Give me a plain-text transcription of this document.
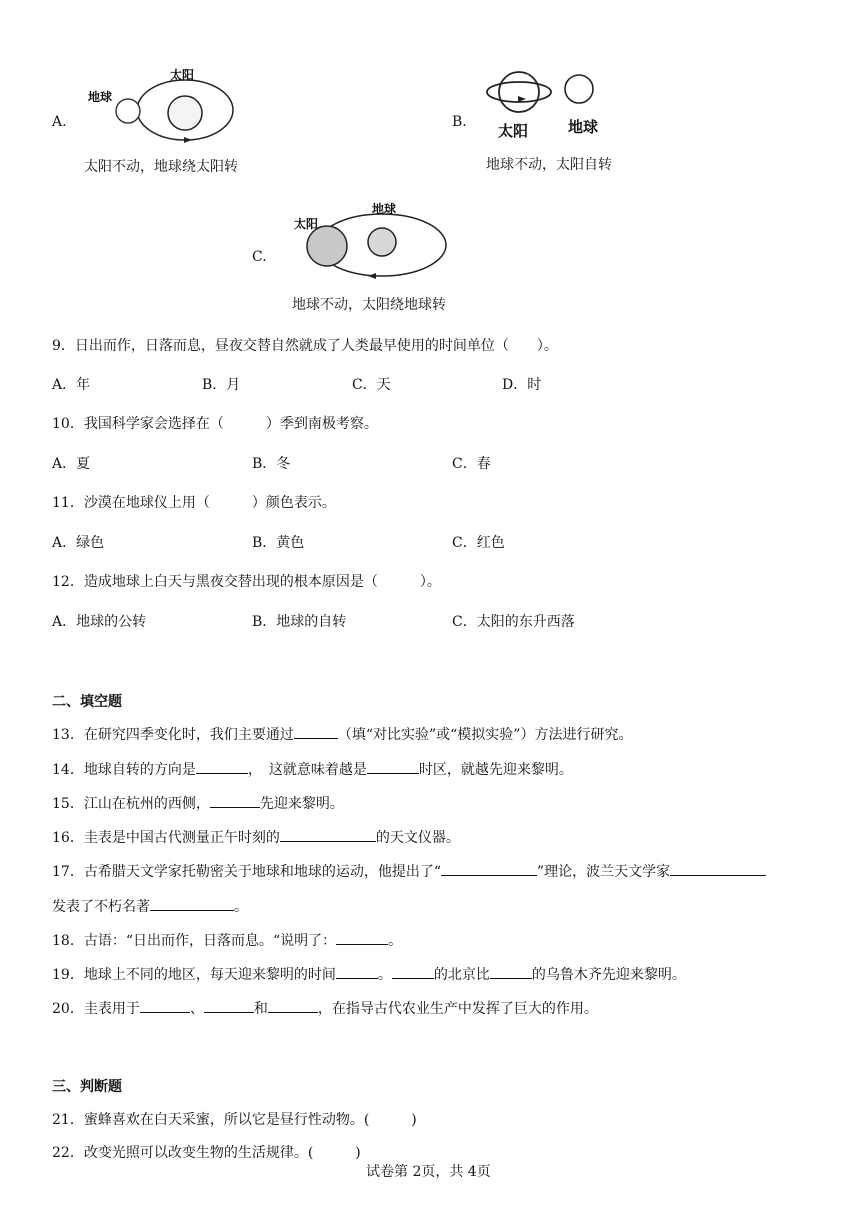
A.
地球
太阳
太阳不动，地球绕太阳转
B. 太阳	地球
地球不动，太阳自转
C.
太阳
地球
地球不动，太阳绕地球转
9．日出而作，日落而息，昼夜交替自然就成了人类最早使用的时间单位（　　）。
A．年	B．月	C．天	D．时
10．我国科学家会选择在（　　　）季到南极考察。
A．夏	B．冬	C．春
11．沙漠在地球仪上用（　　　）颜色表示。
A．绿色	B．黄色	C．红色
12．造成地球上白天与黑夜交替出现的根本原因是（　　　）。
A．地球的公转	B．地球的自转	C．太阳的东升西落
二、填空题
13．在研究四季变化时，我们主要通过	（填“对比实验”或“模拟实验”）方法进行研究。
14．地球自转的方向是	，　这就意味着越是	时区，就越先迎来黎明。
15．江山在杭州的西侧，	先迎来黎明。
16．圭表是中国古代测量正午时刻的	的天文仪器。
17．古希腊天文学家托勒密关于地球和地球的运动，他提出了“	”理论，波兰天文学家
发表了不朽名著	。
18．古语：“日出而作，日落而息。“说明了：	。
19．地球上不同的地区，每天迎来黎明的时间	。	的北京比	的乌鲁木齐先迎来黎明。
20．圭表用于	、	和	，在指导古代农业生产中发挥了巨大的作用。
三、判断题
21．蜜蜂喜欢在白天采蜜，所以它是昼行性动物。(　　　)
22．改变光照可以改变生物的生活规律。(　　　)
试卷第 2页，共 4页
